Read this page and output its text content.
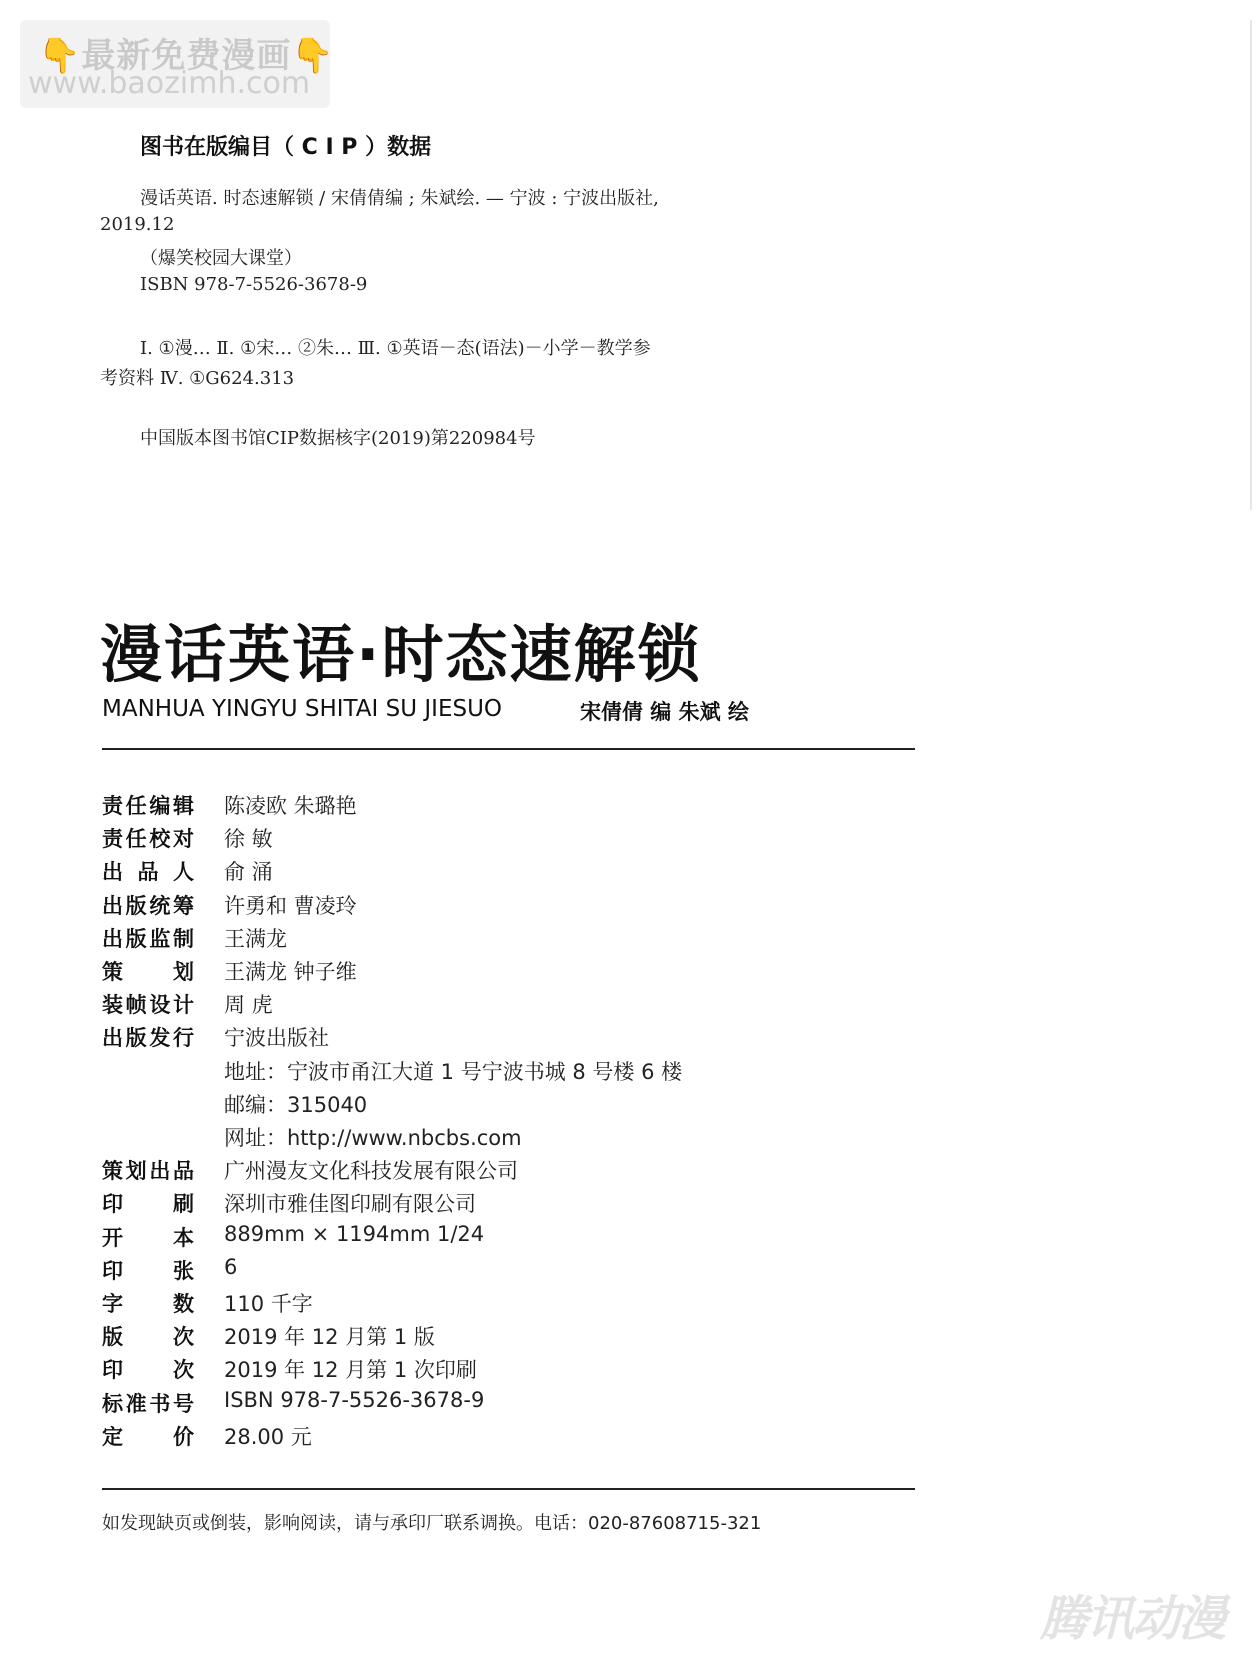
👇最新免费漫画👇
www.baozimh.com
图书在版编目（ C I P ）数据
漫话英语. 时态速解锁 / 宋倩倩编 ; 朱斌绘. — 宁波 : 宁波出版社,
2019.12
（爆笑校园大课堂）
ISBN 978-7-5526-3678-9
Ⅰ. ①漫… Ⅱ. ①宋… ②朱… Ⅲ. ①英语－态(语法)－小学－教学参
考资料 Ⅳ. ①G624.313
中国版本图书馆CIP数据核字(2019)第220984号
漫话英语·时态速解锁
MANHUA YINGYU SHITAI SU JIESUO	宋倩倩 编 朱斌 绘
责 任 编 辑 陈凌欧 朱璐艳
责 任 校 对 徐 敏
出 品 人 俞 涌
出 版 统 筹 许勇和 曹凌玲
出 版 监 制 王满龙
策 划 王满龙 钟子维
装 帧 设 计 周 虎
出 版 发 行 宁波出版社
地址：宁波市甬江大道 1 号宁波书城 8 号楼 6 楼
邮编：315040
网址：http://www.nbcbs.com
策 划 出 品 广州漫友文化科技发展有限公司
印 刷 深圳市雅佳图印刷有限公司
开 本 889mm × 1194mm 1/24
印 张 6
字 数 110 千字
版 次 2019 年 12 月第 1 版
印 次 2019 年 12 月第 1 次印刷
标 准 书 号 ISBN 978-7-5526-3678-9
定 价 28.00 元
如发现缺页或倒装，影响阅读，请与承印厂联系调换。电话：020-87608715-321
腾讯动漫
